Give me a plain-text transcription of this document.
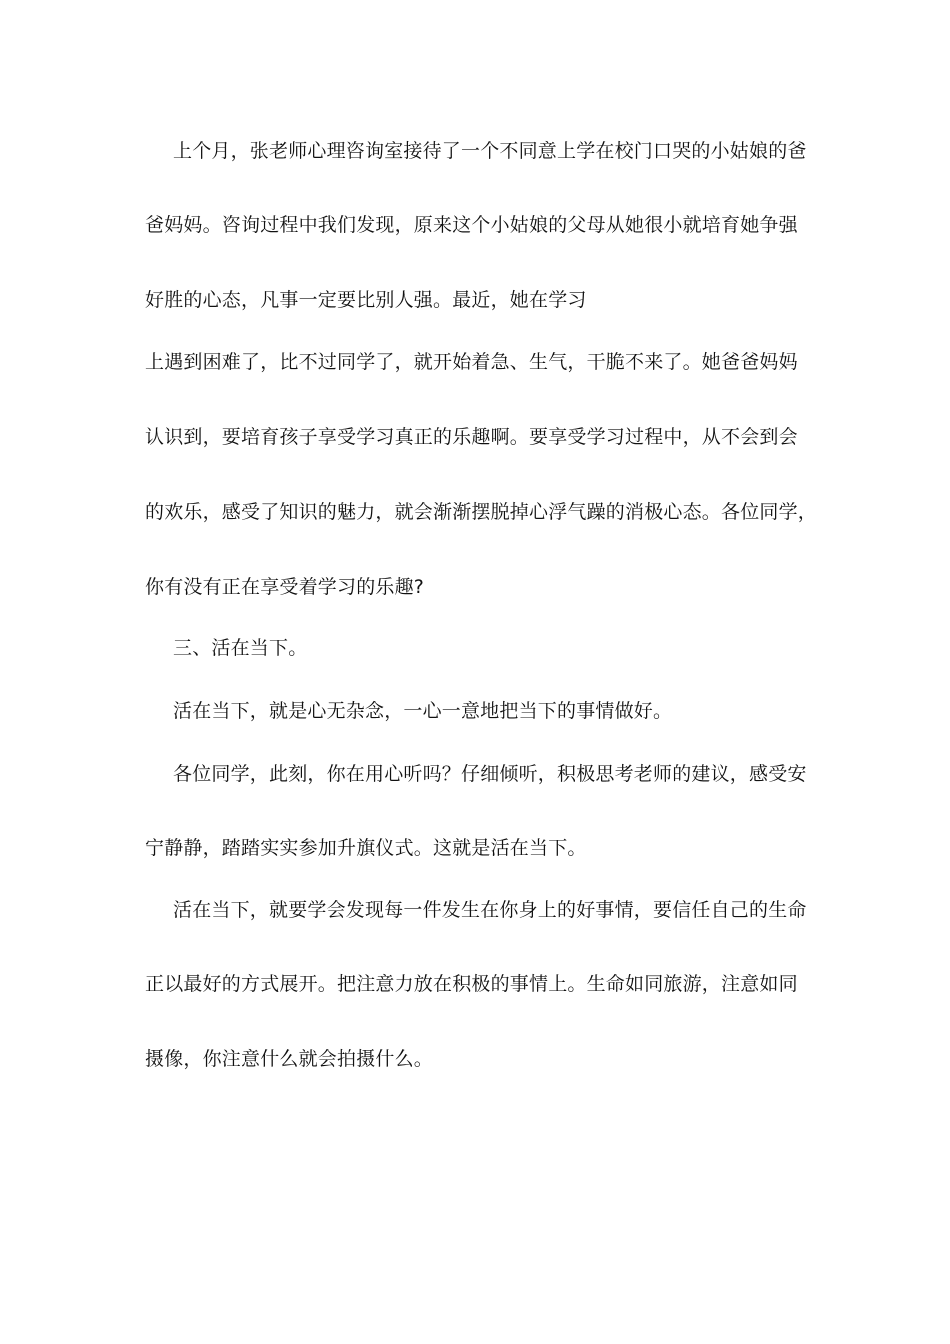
上个月，张老师心理咨询室接待了一个不同意上学在校门口哭的小姑娘的爸
爸妈妈。咨询过程中我们发现，原来这个小姑娘的父母从她很小就培育她争强
好胜的心态，凡事一定要比别人强。最近，她在学习
上遇到困难了，比不过同学了，就开始着急、生气，干脆不来了。她爸爸妈妈
认识到，要培育孩子享受学习真正的乐趣啊。要享受学习过程中，从不会到会
的欢乐，感受了知识的魅力，就会渐渐摆脱掉心浮气躁的消极心态。各位同学，
你有没有正在享受着学习的乐趣?
三、活在当下。
活在当下，就是心无杂念，一心一意地把当下的事情做好。
各位同学，此刻，你在用心听吗？仔细倾听，积极思考老师的建议，感受安
宁静静，踏踏实实参加升旗仪式。这就是活在当下。
活在当下，就要学会发现每一件发生在你身上的好事情，要信任自己的生命
正以最好的方式展开。把注意力放在积极的事情上。生命如同旅游，注意如同
摄像，你注意什么就会拍摄什么。
